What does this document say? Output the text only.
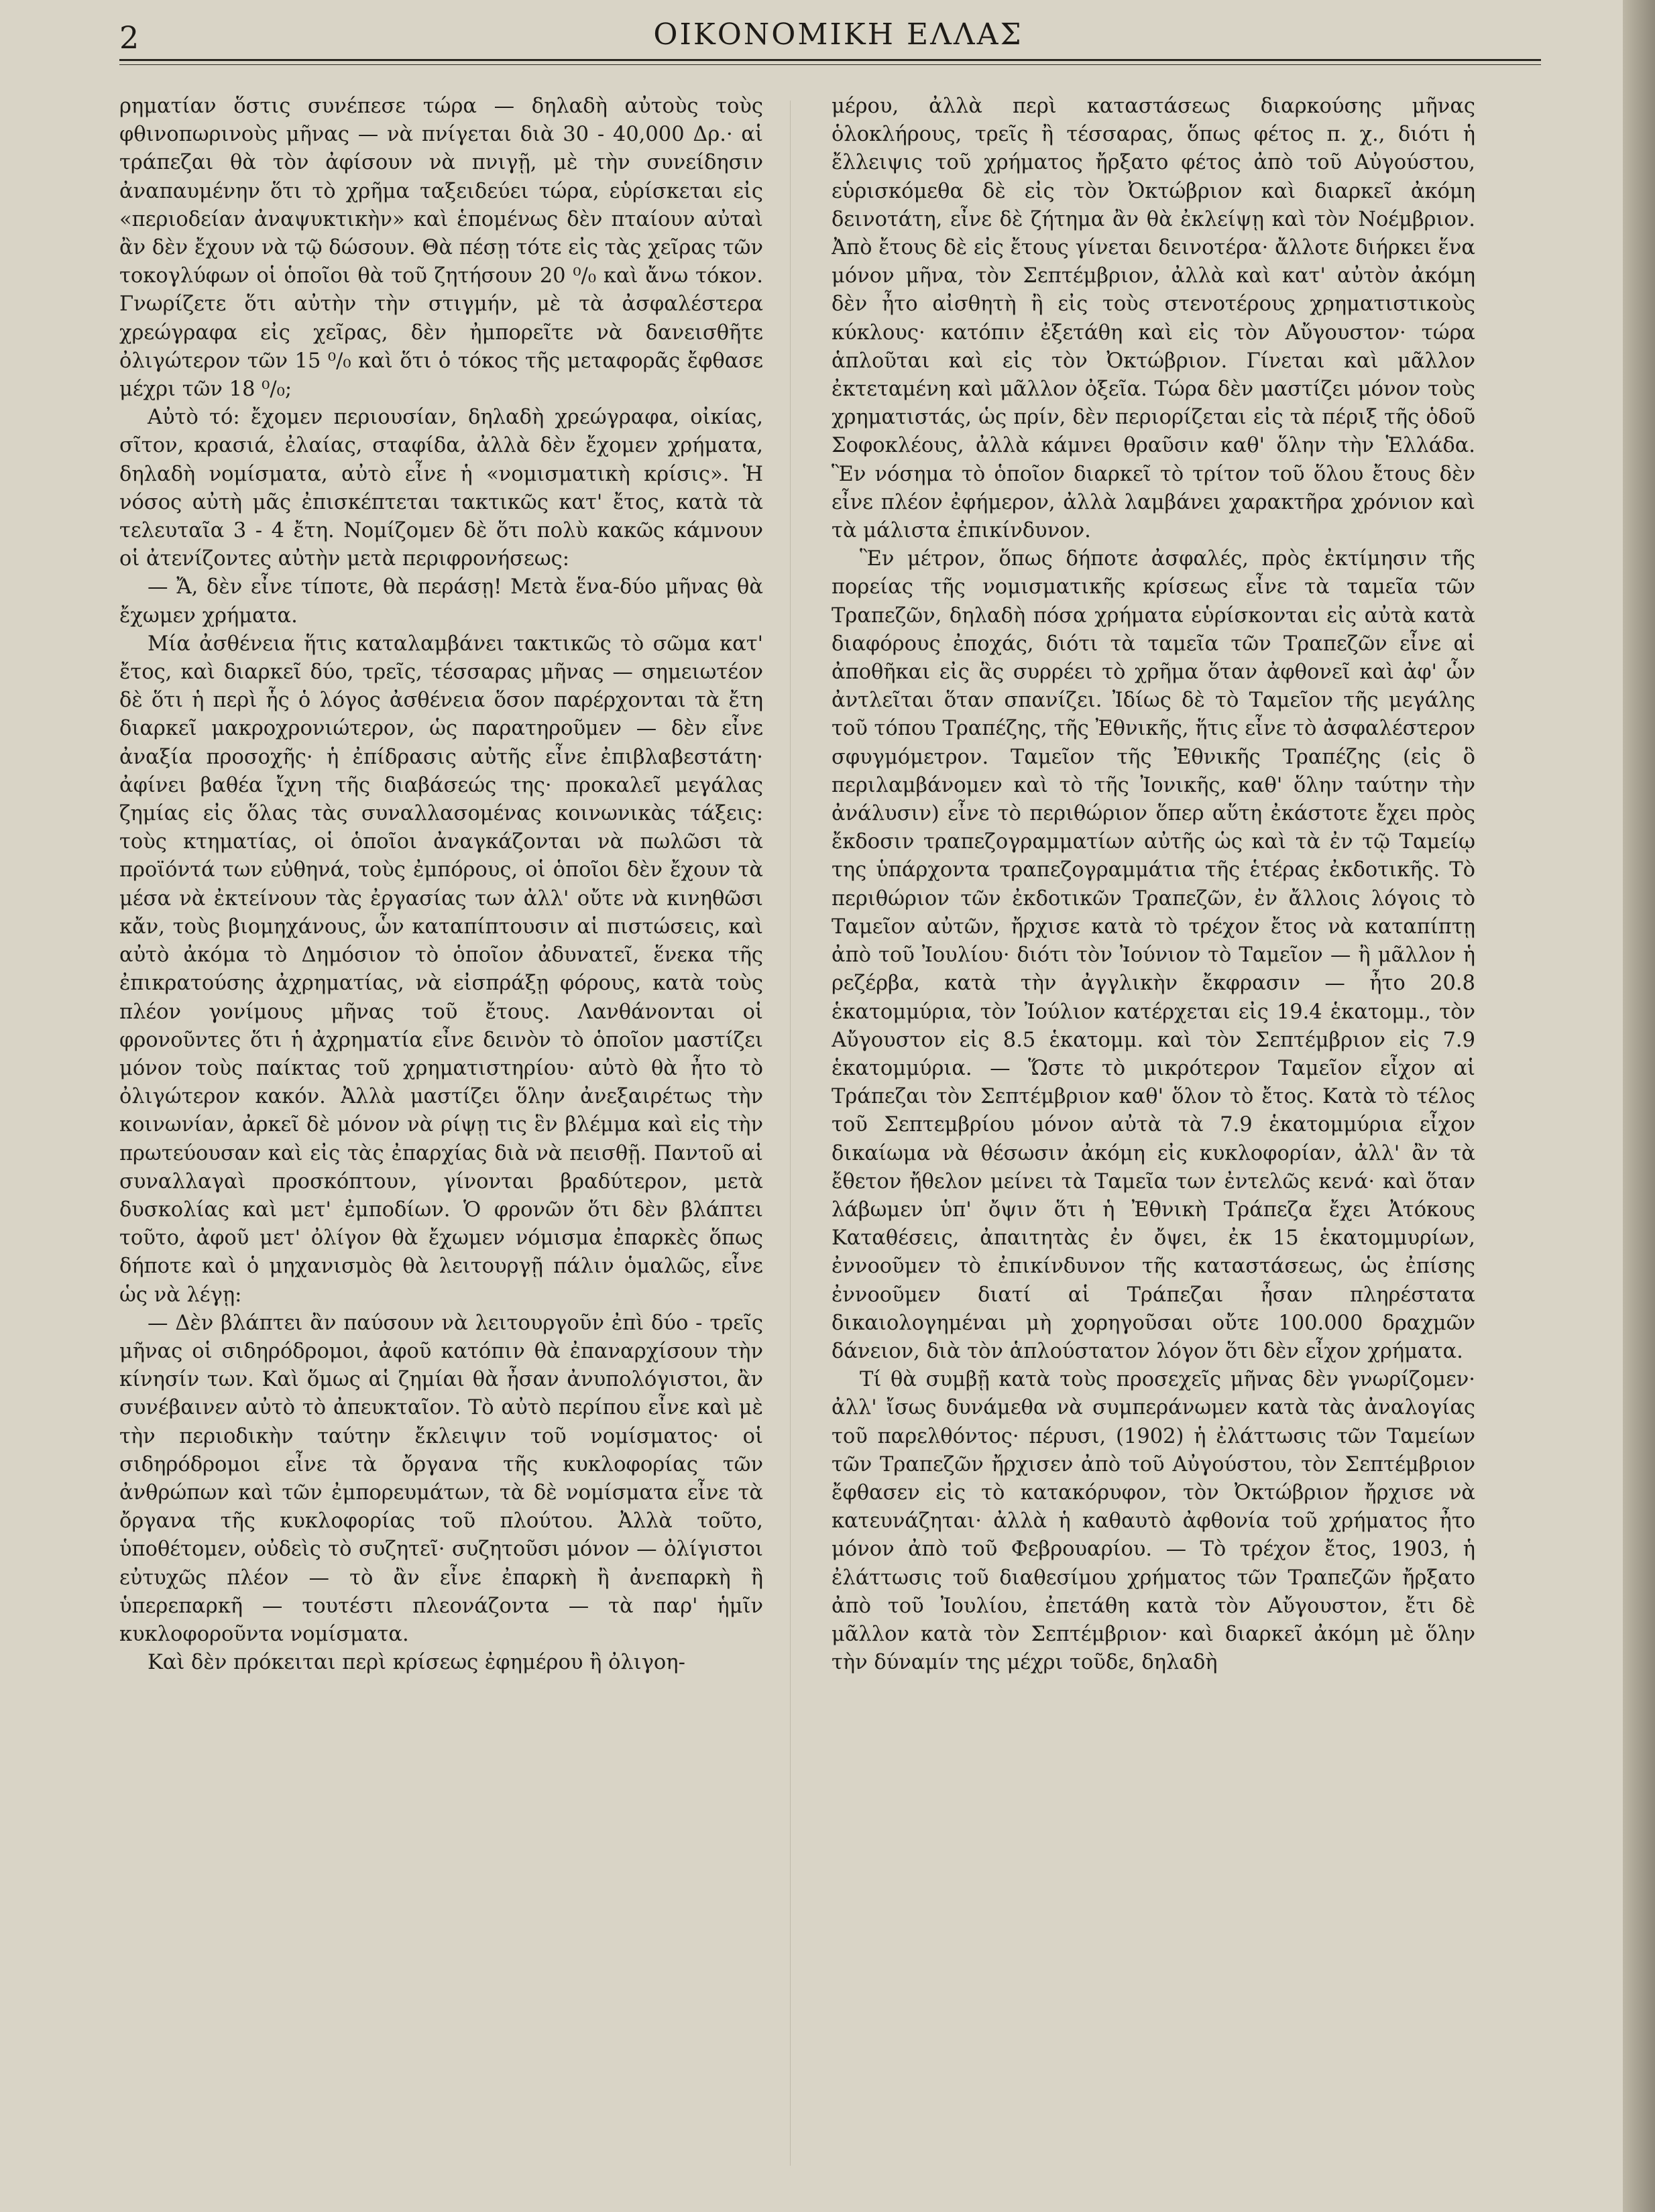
2	ΟΙΚΟΝΟΜΙΚΗ ΕΛΛΑΣ

ρηματίαν ὅστις συνέπεσε τώρα — δηλαδὴ αὐτοὺς τοὺς φθινοπωρινοὺς μῆνας — νὰ πνίγεται διὰ 30 - 40,000 Δρ.· αἱ τράπεζαι θὰ τὸν ἀφίσουν νὰ πνιγῇ, μὲ τὴν συνείδησιν ἀναπαυμένην ὅτι τὸ χρῆμα ταξειδεύει τώρα, εὑρίσκεται εἰς «περιοδείαν ἀναψυκτικὴν» καὶ ἑπομένως δὲν πταίουν αὐταὶ ἂν δὲν ἔχουν νὰ τῷ δώσουν. Θὰ πέσῃ τότε εἰς τὰς χεῖρας τῶν τοκογλύφων οἱ ὁποῖοι θὰ τοῦ ζητήσουν 20 ⁰/₀ καὶ ἄνω τόκον. Γνωρίζετε ὅτι αὐτὴν τὴν στιγμήν, μὲ τὰ ἀσφαλέστερα χρεώγραφα εἰς χεῖρας, δὲν ἠμπορεῖτε νὰ δανεισθῆτε ὀλιγώτερον τῶν 15 ⁰/₀ καὶ ὅτι ὁ τόκος τῆς μεταφορᾶς ἔφθασε μέχρι τῶν 18 ⁰/₀;

Αὐτὸ τό: ἔχομεν περιουσίαν, δηλαδὴ χρεώγραφα, οἰκίας, σῖτον, κρασιά, ἐλαίας, σταφίδα, ἀλλὰ δὲν ἔχομεν χρήματα, δηλαδὴ νομίσματα, αὐτὸ εἶνε ἡ «νομισματικὴ κρίσις». Ἡ νόσος αὐτὴ μᾶς ἐπισκέπτεται τακτικῶς κατ' ἔτος, κατὰ τὰ τελευταῖα 3 - 4 ἔτη. Νομίζομεν δὲ ὅτι πολὺ κακῶς κάμνουν οἱ ἀτενίζοντες αὐτὴν μετὰ περιφρονήσεως:

— Ἄ, δὲν εἶνε τίποτε, θὰ περάσῃ! Μετὰ ἕνα-δύο μῆνας θὰ ἔχωμεν χρήματα.

Μία ἀσθένεια ἥτις καταλαμβάνει τακτικῶς τὸ σῶμα κατ' ἔτος, καὶ διαρκεῖ δύο, τρεῖς, τέσσαρας μῆνας — σημειωτέον δὲ ὅτι ἡ περὶ ἧς ὁ λόγος ἀσθένεια ὅσον παρέρχονται τὰ ἔτη διαρκεῖ μακροχρονιώτερον, ὡς παρατηροῦμεν — δὲν εἶνε ἀναξία προσοχῆς· ἡ ἐπίδρασις αὐτῆς εἶνε ἐπιβλαβεστάτη· ἀφίνει βαθέα ἴχνη τῆς διαβάσεώς της· προκαλεῖ μεγάλας ζημίας εἰς ὅλας τὰς συναλλασομένας κοινωνικὰς τάξεις: τοὺς κτηματίας, οἱ ὁποῖοι ἀναγκάζονται νὰ πωλῶσι τὰ προϊόντά των εὐθηνά, τοὺς ἐμπόρους, οἱ ὁποῖοι δὲν ἔχουν τὰ μέσα νὰ ἐκτείνουν τὰς ἐργασίας των ἀλλ' οὔτε νὰ κινηθῶσι κἄν, τοὺς βιομηχάνους, ὧν καταπίπτουσιν αἱ πιστώσεις, καὶ αὐτὸ ἀκόμα τὸ Δημόσιον τὸ ὁποῖον ἀδυνατεῖ, ἕνεκα τῆς ἐπικρατούσης ἀχρηματίας, νὰ εἰσπράξῃ φόρους, κατὰ τοὺς πλέον γονίμους μῆνας τοῦ ἔτους. Λανθάνονται οἱ φρονοῦντες ὅτι ἡ ἀχρηματία εἶνε δεινὸν τὸ ὁποῖον μαστίζει μόνον τοὺς παίκτας τοῦ χρηματιστηρίου· αὐτὸ θὰ ἦτο τὸ ὀλιγώτερον κακόν. Ἀλλὰ μαστίζει ὅλην ἀνεξαιρέτως τὴν κοινωνίαν, ἀρκεῖ δὲ μόνον νὰ ρίψῃ τις ἓν βλέμμα καὶ εἰς τὴν πρωτεύουσαν καὶ εἰς τὰς ἐπαρχίας διὰ νὰ πεισθῇ. Παντοῦ αἱ συναλλαγαὶ προσκόπτουν, γίνονται βραδύτερον, μετὰ δυσκολίας καὶ μετ' ἐμποδίων. Ὁ φρονῶν ὅτι δὲν βλάπτει τοῦτο, ἀφοῦ μετ' ὀλίγον θὰ ἔχωμεν νόμισμα ἐπαρκὲς ὅπως δήποτε καὶ ὁ μηχανισμὸς θὰ λειτουργῇ πάλιν ὁμαλῶς, εἶνε ὡς νὰ λέγῃ:

— Δὲν βλάπτει ἂν παύσουν νὰ λειτουργοῦν ἐπὶ δύο - τρεῖς μῆνας οἱ σιδηρόδρομοι, ἀφοῦ κατόπιν θὰ ἐπαναρχίσουν τὴν κίνησίν των. Καὶ ὅμως αἱ ζημίαι θὰ ἦσαν ἀνυπολόγιστοι, ἂν συνέβαινεν αὐτὸ τὸ ἀπευκταῖον. Τὸ αὐτὸ περίπου εἶνε καὶ μὲ τὴν περιοδικὴν ταύτην ἔκλειψιν τοῦ νομίσματος· οἱ σιδηρόδρομοι εἶνε τὰ ὄργανα τῆς κυκλοφορίας τῶν ἀνθρώπων καὶ τῶν ἐμπορευμάτων, τὰ δὲ νομίσματα εἶνε τὰ ὄργανα τῆς κυκλοφορίας τοῦ πλούτου. Ἀλλὰ τοῦτο, ὑποθέτομεν, οὐδεὶς τὸ συζητεῖ· συζητοῦσι μόνον — ὀλίγιστοι εὐτυχῶς πλέον — τὸ ἂν εἶνε ἐπαρκὴ ἢ ἀνεπαρκὴ ἢ ὑπερεπαρκῆ — τουτέστι πλεονάζοντα — τὰ παρ' ἡμῖν κυκλοφοροῦντα νομίσματα.

Καὶ δὲν πρόκειται περὶ κρίσεως ἐφημέρου ἢ ὀλιγοη-

μέρου, ἀλλὰ περὶ καταστάσεως διαρκούσης μῆνας ὁλοκλήρους, τρεῖς ἢ τέσσαρας, ὅπως φέτος π. χ., διότι ἡ ἔλλειψις τοῦ χρήματος ἤρξατο φέτος ἀπὸ τοῦ Αὐγούστου, εὑρισκόμεθα δὲ εἰς τὸν Ὀκτώβριον καὶ διαρκεῖ ἀκόμη δεινοτάτη, εἶνε δὲ ζήτημα ἂν θὰ ἐκλείψῃ καὶ τὸν Νοέμβριον. Ἀπὸ ἔτους δὲ εἰς ἔτους γίνεται δεινοτέρα· ἄλλοτε διήρκει ἕνα μόνον μῆνα, τὸν Σεπτέμβριον, ἀλλὰ καὶ κατ' αὐτὸν ἀκόμη δὲν ἦτο αἰσθητὴ ἢ εἰς τοὺς στενοτέρους χρηματιστικοὺς κύκλους· κατόπιν ἐξετάθη καὶ εἰς τὸν Αὔγουστον· τώρα ἁπλοῦται καὶ εἰς τὸν Ὀκτώβριον. Γίνεται καὶ μᾶλλον ἐκτεταμένη καὶ μᾶλλον ὀξεῖα. Τώρα δὲν μαστίζει μόνον τοὺς χρηματιστάς, ὡς πρίν, δὲν περιορίζεται εἰς τὰ πέριξ τῆς ὁδοῦ Σοφοκλέους, ἀλλὰ κάμνει θραῦσιν καθ' ὅλην τὴν Ἑλλάδα. Ἓν νόσημα τὸ ὁποῖον διαρκεῖ τὸ τρίτον τοῦ ὅλου ἔτους δὲν εἶνε πλέον ἐφήμερον, ἀλλὰ λαμβάνει χαρακτῆρα χρόνιον καὶ τὰ μάλιστα ἐπικίνδυνον.

Ἓν μέτρον, ὅπως δήποτε ἀσφαλές, πρὸς ἐκτίμησιν τῆς πορείας τῆς νομισματικῆς κρίσεως εἶνε τὰ ταμεῖα τῶν Τραπεζῶν, δηλαδὴ πόσα χρήματα εὑρίσκονται εἰς αὐτὰ κατὰ διαφόρους ἐποχάς, διότι τὰ ταμεῖα τῶν Τραπεζῶν εἶνε αἱ ἀποθῆκαι εἰς ἃς συρρέει τὸ χρῆμα ὅταν ἀφθονεῖ καὶ ἀφ' ὧν ἀντλεῖται ὅταν σπανίζει. Ἰδίως δὲ τὸ Ταμεῖον τῆς μεγάλης τοῦ τόπου Τραπέζης, τῆς Ἐθνικῆς, ἥτις εἶνε τὸ ἀσφαλέστερον σφυγμόμετρον. Ταμεῖον τῆς Ἐθνικῆς Τραπέζης (εἰς ὃ περιλαμβάνομεν καὶ τὸ τῆς Ἰονικῆς, καθ' ὅλην ταύτην τὴν ἀνάλυσιν) εἶνε τὸ περιθώριον ὅπερ αὕτη ἐκάστοτε ἔχει πρὸς ἔκδοσιν τραπεζογραμματίων αὐτῆς ὡς καὶ τὰ ἐν τῷ Ταμείῳ της ὑπάρχοντα τραπεζογραμμάτια τῆς ἑτέρας ἐκδοτικῆς. Τὸ περιθώριον τῶν ἐκδοτικῶν Τραπεζῶν, ἐν ἄλλοις λόγοις τὸ Ταμεῖον αὐτῶν, ἤρχισε κατὰ τὸ τρέχον ἔτος νὰ καταπίπτῃ ἀπὸ τοῦ Ἰουλίου· διότι τὸν Ἰούνιον τὸ Ταμεῖον — ἢ μᾶλλον ἡ ρεζέρβα, κατὰ τὴν ἀγγλικὴν ἔκφρασιν — ἦτο 20.8 ἑκατομμύρια, τὸν Ἰούλιον κατέρχεται εἰς 19.4 ἑκατομμ., τὸν Αὔγουστον εἰς 8.5 ἑκατομμ. καὶ τὸν Σεπτέμβριον εἰς 7.9 ἑκατομμύρια. — Ὥστε τὸ μικρότερον Ταμεῖον εἶχον αἱ Τράπεζαι τὸν Σεπτέμβριον καθ' ὅλον τὸ ἔτος. Κατὰ τὸ τέλος τοῦ Σεπτεμβρίου μόνον αὐτὰ τὰ 7.9 ἑκατομμύρια εἶχον δικαίωμα νὰ θέσωσιν ἀκόμη εἰς κυκλοφορίαν, ἀλλ' ἂν τὰ ἔθετον ἤθελον μείνει τὰ Ταμεῖα των ἐντελῶς κενά· καὶ ὅταν λάβωμεν ὑπ' ὄψιν ὅτι ἡ Ἐθνικὴ Τράπεζα ἔχει Ἀτόκους Καταθέσεις, ἀπαιτητὰς ἐν ὄψει, ἐκ 15 ἑκατομμυρίων, ἐννοοῦμεν τὸ ἐπικίνδυνον τῆς καταστάσεως, ὡς ἐπίσης ἐννοοῦμεν διατί αἱ Τράπεζαι ἦσαν πληρέστατα δικαιολογημέναι μὴ χορηγοῦσαι οὔτε 100.000 δραχμῶν δάνειον, διὰ τὸν ἁπλούστατον λόγον ὅτι δὲν εἶχον χρήματα.

Τί θὰ συμβῇ κατὰ τοὺς προσεχεῖς μῆνας δὲν γνωρίζομεν· ἀλλ' ἴσως δυνάμεθα νὰ συμπεράνωμεν κατὰ τὰς ἀναλογίας τοῦ παρελθόντος· πέρυσι, (1902) ἡ ἐλάττωσις τῶν Ταμείων τῶν Τραπεζῶν ἤρχισεν ἀπὸ τοῦ Αὐγούστου, τὸν Σεπτέμβριον ἔφθασεν εἰς τὸ κατακόρυφον, τὸν Ὀκτώβριον ἤρχισε νὰ κατευνάζηται· ἀλλὰ ἡ καθαυτὸ ἀφθονία τοῦ χρήματος ἦτο μόνον ἀπὸ τοῦ Φεβρουαρίου. — Τὸ τρέχον ἔτος, 1903, ἡ ἐλάττωσις τοῦ διαθεσίμου χρήματος τῶν Τραπεζῶν ἤρξατο ἀπὸ τοῦ Ἰουλίου, ἐπετάθη κατὰ τὸν Αὔγουστον, ἔτι δὲ μᾶλλον κατὰ τὸν Σεπτέμβριον· καὶ διαρκεῖ ἀκόμη μὲ ὅλην τὴν δύναμίν της μέχρι τοῦδε, δηλαδὴ
